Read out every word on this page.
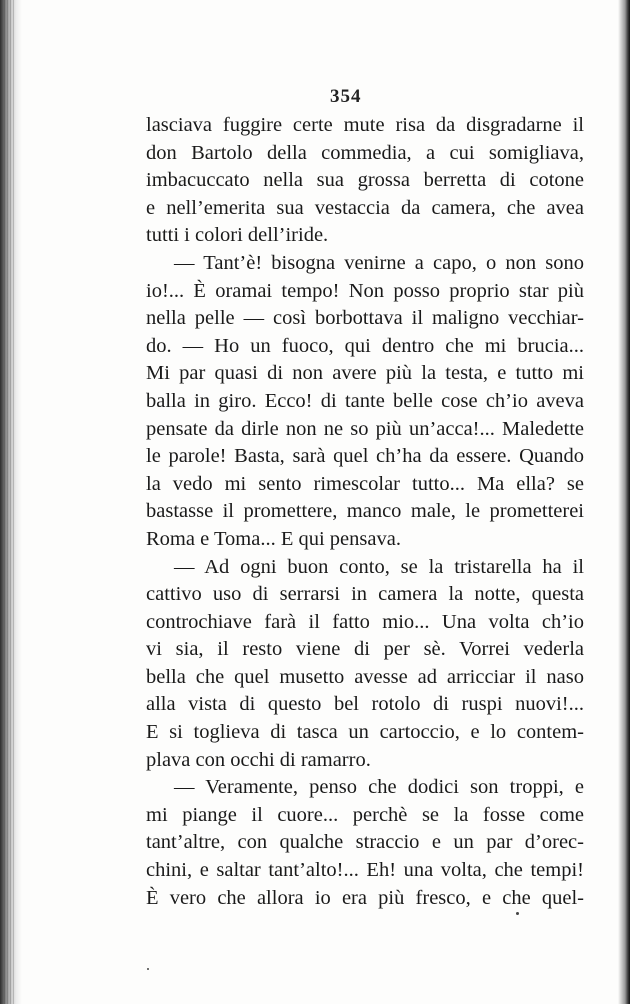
354
lasciava fuggire certe mute risa da disgradarne il
don Bartolo della commedia, a cui somigliava,
imbacuccato nella sua grossa berretta di cotone
e nell’emerita sua vestaccia da camera, che avea
tutti i colori dell’iride.
— Tant’è! bisogna venirne a capo, o non sono
io!... È oramai tempo! Non posso proprio star più
nella pelle — così borbottava il maligno vecchiar-
do. — Ho un fuoco, qui dentro che mi brucia...
Mi par quasi di non avere più la testa, e tutto mi
balla in giro. Ecco! di tante belle cose ch’io aveva
pensate da dirle non ne so più un’acca!... Maledette
le parole! Basta, sarà quel ch’ha da essere. Quando
la vedo mi sento rimescolar tutto... Ma ella? se
bastasse il promettere, manco male, le prometterei
Roma e Toma... E qui pensava.
— Ad ogni buon conto, se la tristarella ha il
cattivo uso di serrarsi in camera la notte, questa
controchiave farà il fatto mio... Una volta ch’io
vi sia, il resto viene di per sè. Vorrei vederla
bella che quel musetto avesse ad arricciar il naso
alla vista di questo bel rotolo di ruspi nuovi!...
E si toglieva di tasca un cartoccio, e lo contem-
plava con occhi di ramarro.
— Veramente, penso che dodici son troppi, e
mi piange il cuore... perchè se la fosse come
tant’altre, con qualche straccio e un par d’orec-
chini, e saltar tant’alto!... Eh! una volta, che tempi!
È vero che allora io era più fresco, e che quel-
